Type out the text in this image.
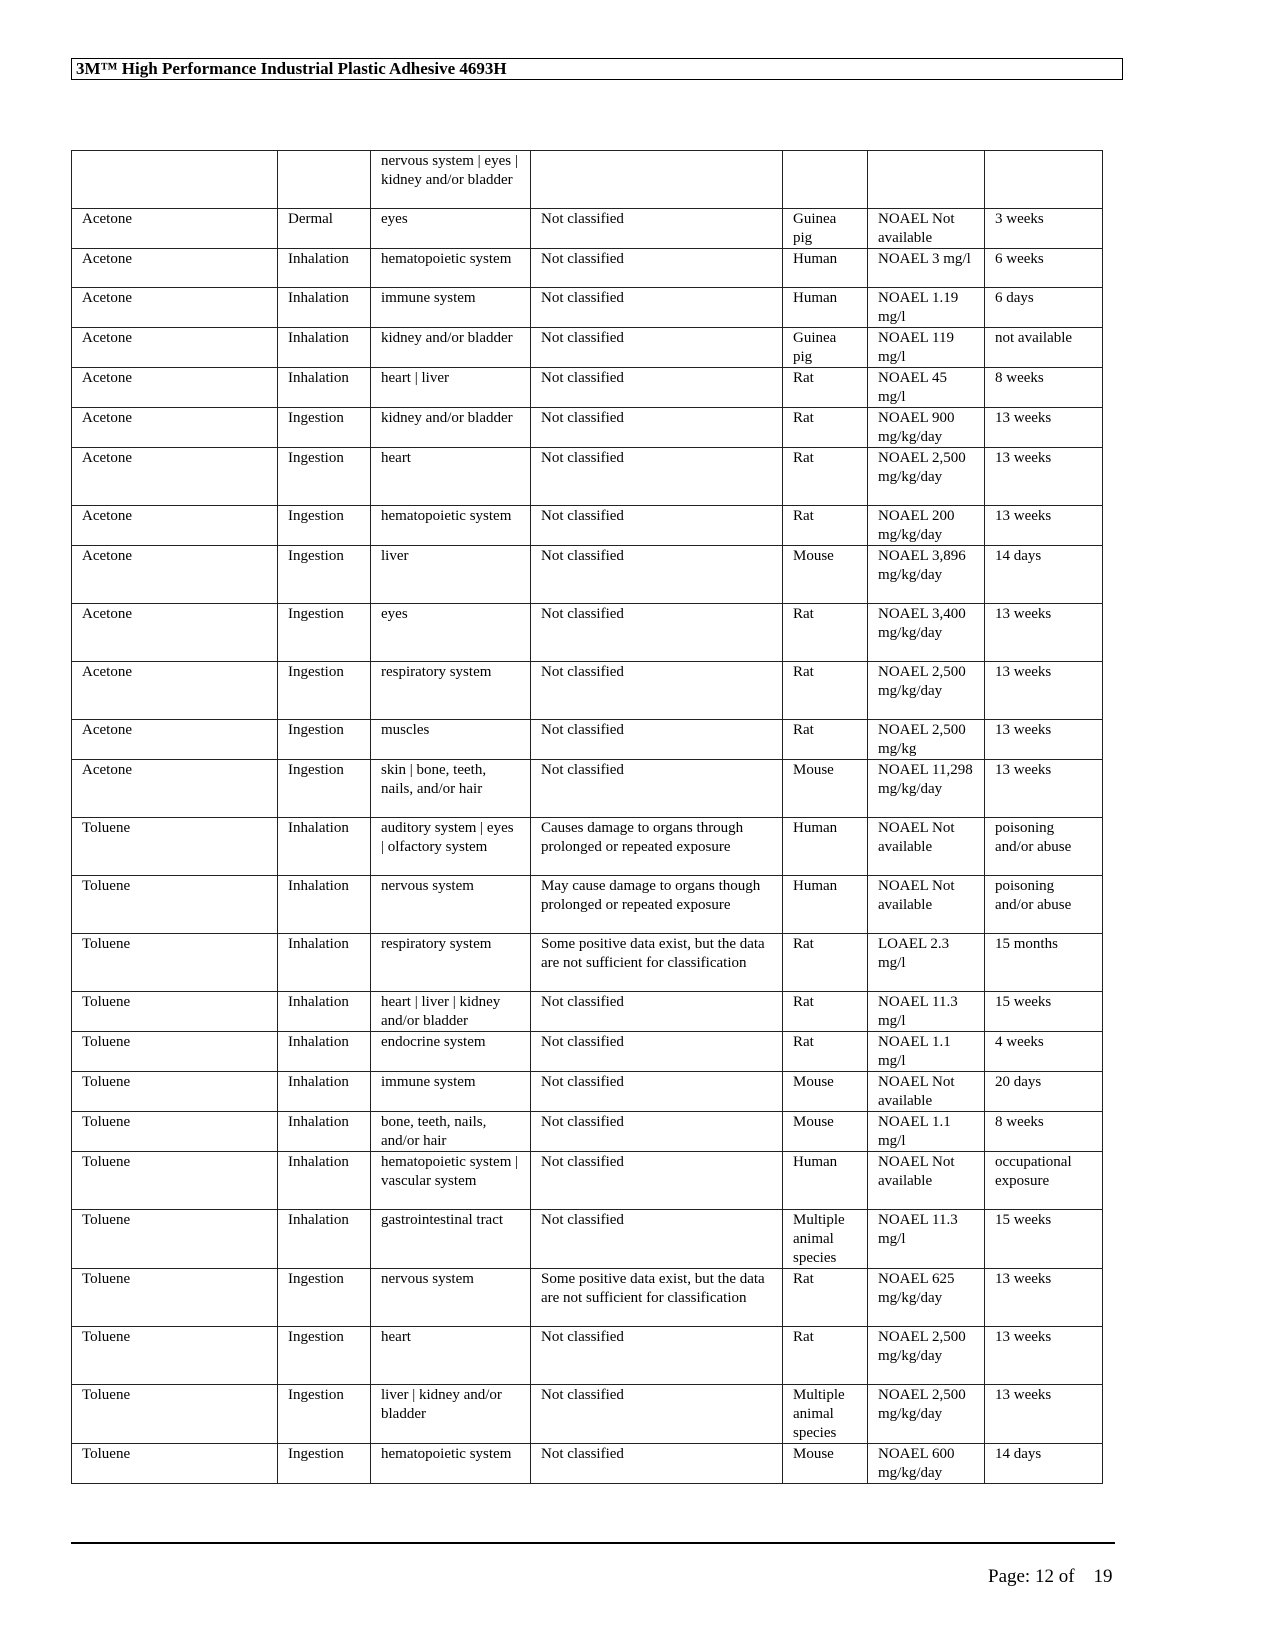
3M™ High Performance Industrial Plastic Adhesive 4693H
		nervous system | eyes | kidney and/or bladder				
Acetone	Dermal	eyes	Not classified	Guinea pig	NOAEL Not available	3 weeks
Acetone	Inhalation	hematopoietic system	Not classified	Human	NOAEL 3 mg/l	6 weeks
Acetone	Inhalation	immune system	Not classified	Human	NOAEL 1.19 mg/l	6 days
Acetone	Inhalation	kidney and/or bladder	Not classified	Guinea pig	NOAEL 119 mg/l	not available
Acetone	Inhalation	heart | liver	Not classified	Rat	NOAEL 45 mg/l	8 weeks
Acetone	Ingestion	kidney and/or bladder	Not classified	Rat	NOAEL 900 mg/kg/day	13 weeks
Acetone	Ingestion	heart	Not classified	Rat	NOAEL 2,500 mg/kg/day	13 weeks
Acetone	Ingestion	hematopoietic system	Not classified	Rat	NOAEL 200 mg/kg/day	13 weeks
Acetone	Ingestion	liver	Not classified	Mouse	NOAEL 3,896 mg/kg/day	14 days
Acetone	Ingestion	eyes	Not classified	Rat	NOAEL 3,400 mg/kg/day	13 weeks
Acetone	Ingestion	respiratory system	Not classified	Rat	NOAEL 2,500 mg/kg/day	13 weeks
Acetone	Ingestion	muscles	Not classified	Rat	NOAEL 2,500 mg/kg	13 weeks
Acetone	Ingestion	skin | bone, teeth, nails, and/or hair	Not classified	Mouse	NOAEL 11,298 mg/kg/day	13 weeks
Toluene	Inhalation	auditory system | eyes | olfactory system	Causes damage to organs through prolonged or repeated exposure	Human	NOAEL Not available	poisoning and/or abuse
Toluene	Inhalation	nervous system	May cause damage to organs though prolonged or repeated exposure	Human	NOAEL Not available	poisoning and/or abuse
Toluene	Inhalation	respiratory system	Some positive data exist, but the data are not sufficient for classification	Rat	LOAEL 2.3 mg/l	15 months
Toluene	Inhalation	heart | liver | kidney and/or bladder	Not classified	Rat	NOAEL 11.3 mg/l	15 weeks
Toluene	Inhalation	endocrine system	Not classified	Rat	NOAEL 1.1 mg/l	4 weeks
Toluene	Inhalation	immune system	Not classified	Mouse	NOAEL Not available	20 days
Toluene	Inhalation	bone, teeth, nails, and/or hair	Not classified	Mouse	NOAEL 1.1 mg/l	8 weeks
Toluene	Inhalation	hematopoietic system | vascular system	Not classified	Human	NOAEL Not available	occupational exposure
Toluene	Inhalation	gastrointestinal tract	Not classified	Multiple animal species	NOAEL 11.3 mg/l	15 weeks
Toluene	Ingestion	nervous system	Some positive data exist, but the data are not sufficient for classification	Rat	NOAEL 625 mg/kg/day	13 weeks
Toluene	Ingestion	heart	Not classified	Rat	NOAEL 2,500 mg/kg/day	13 weeks
Toluene	Ingestion	liver | kidney and/or bladder	Not classified	Multiple animal species	NOAEL 2,500 mg/kg/day	13 weeks
Toluene	Ingestion	hematopoietic system	Not classified	Mouse	NOAEL 600 mg/kg/day	14 days
Page: 12 of 19
